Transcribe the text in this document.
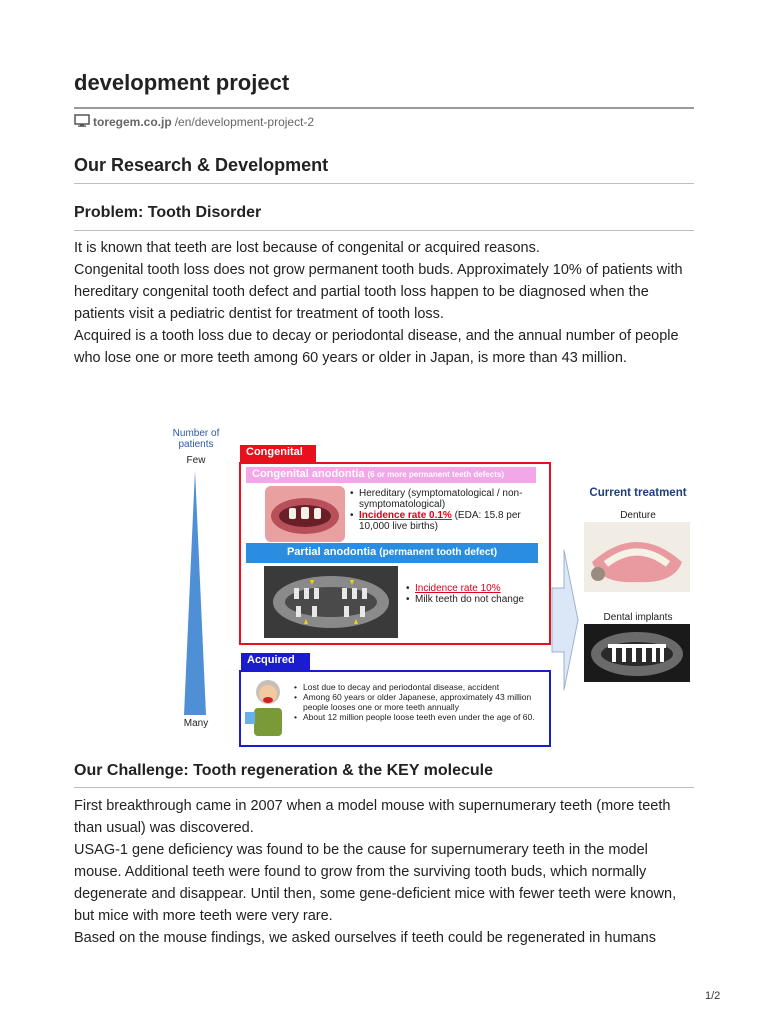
development project
toregem.co.jp /en/development-project-2
Our Research & Development
Problem: Tooth Disorder

It is known that teeth are lost because of congenital or acquired reasons.

Congenital tooth loss does not grow permanent tooth buds. Approximately 10% of patients with hereditary congenital tooth defect and partial tooth loss happen to be diagnosed when the patients visit a pediatric dentist for treatment of tooth loss.

Acquired is a tooth loss due to decay or periodontal disease, and the annual number of people who lose one or more teeth among 60 years or older in Japan, is more than 43 million.

Number of patients
Few
Many
Congenital
Congenital anodontia (6 or more permanent teeth defects)
• Hereditary (symptomatological / non-symptomatological)
• Incidence rate 0.1% (EDA: 15.8 per 10,000 live births)
Partial anodontia (permanent tooth defect)
• Incidence rate 10%
• Milk teeth do not change
Acquired
• Lost due to decay and periodontal disease, accident
• Among 60 years or older Japanese, approximately 43 million people looses one or more teeth annually
• About 12 million people loose teeth even under the age of 60.
Current treatment
Denture
Dental implants
Our Challenge: Tooth regeneration & the KEY molecule

First breakthrough came in 2007 when a model mouse with supernumerary teeth (more teeth than usual) was discovered.

USAG-1 gene deficiency was found to be the cause for supernumerary teeth in the model mouse. Additional teeth were found to grow from the surviving tooth buds, which normally degenerate and disappear. Until then, some gene-deficient mice with fewer teeth were known, but mice with more teeth were very rare.

Based on the mouse findings, we asked ourselves if teeth could be regenerated in humans

1/2
